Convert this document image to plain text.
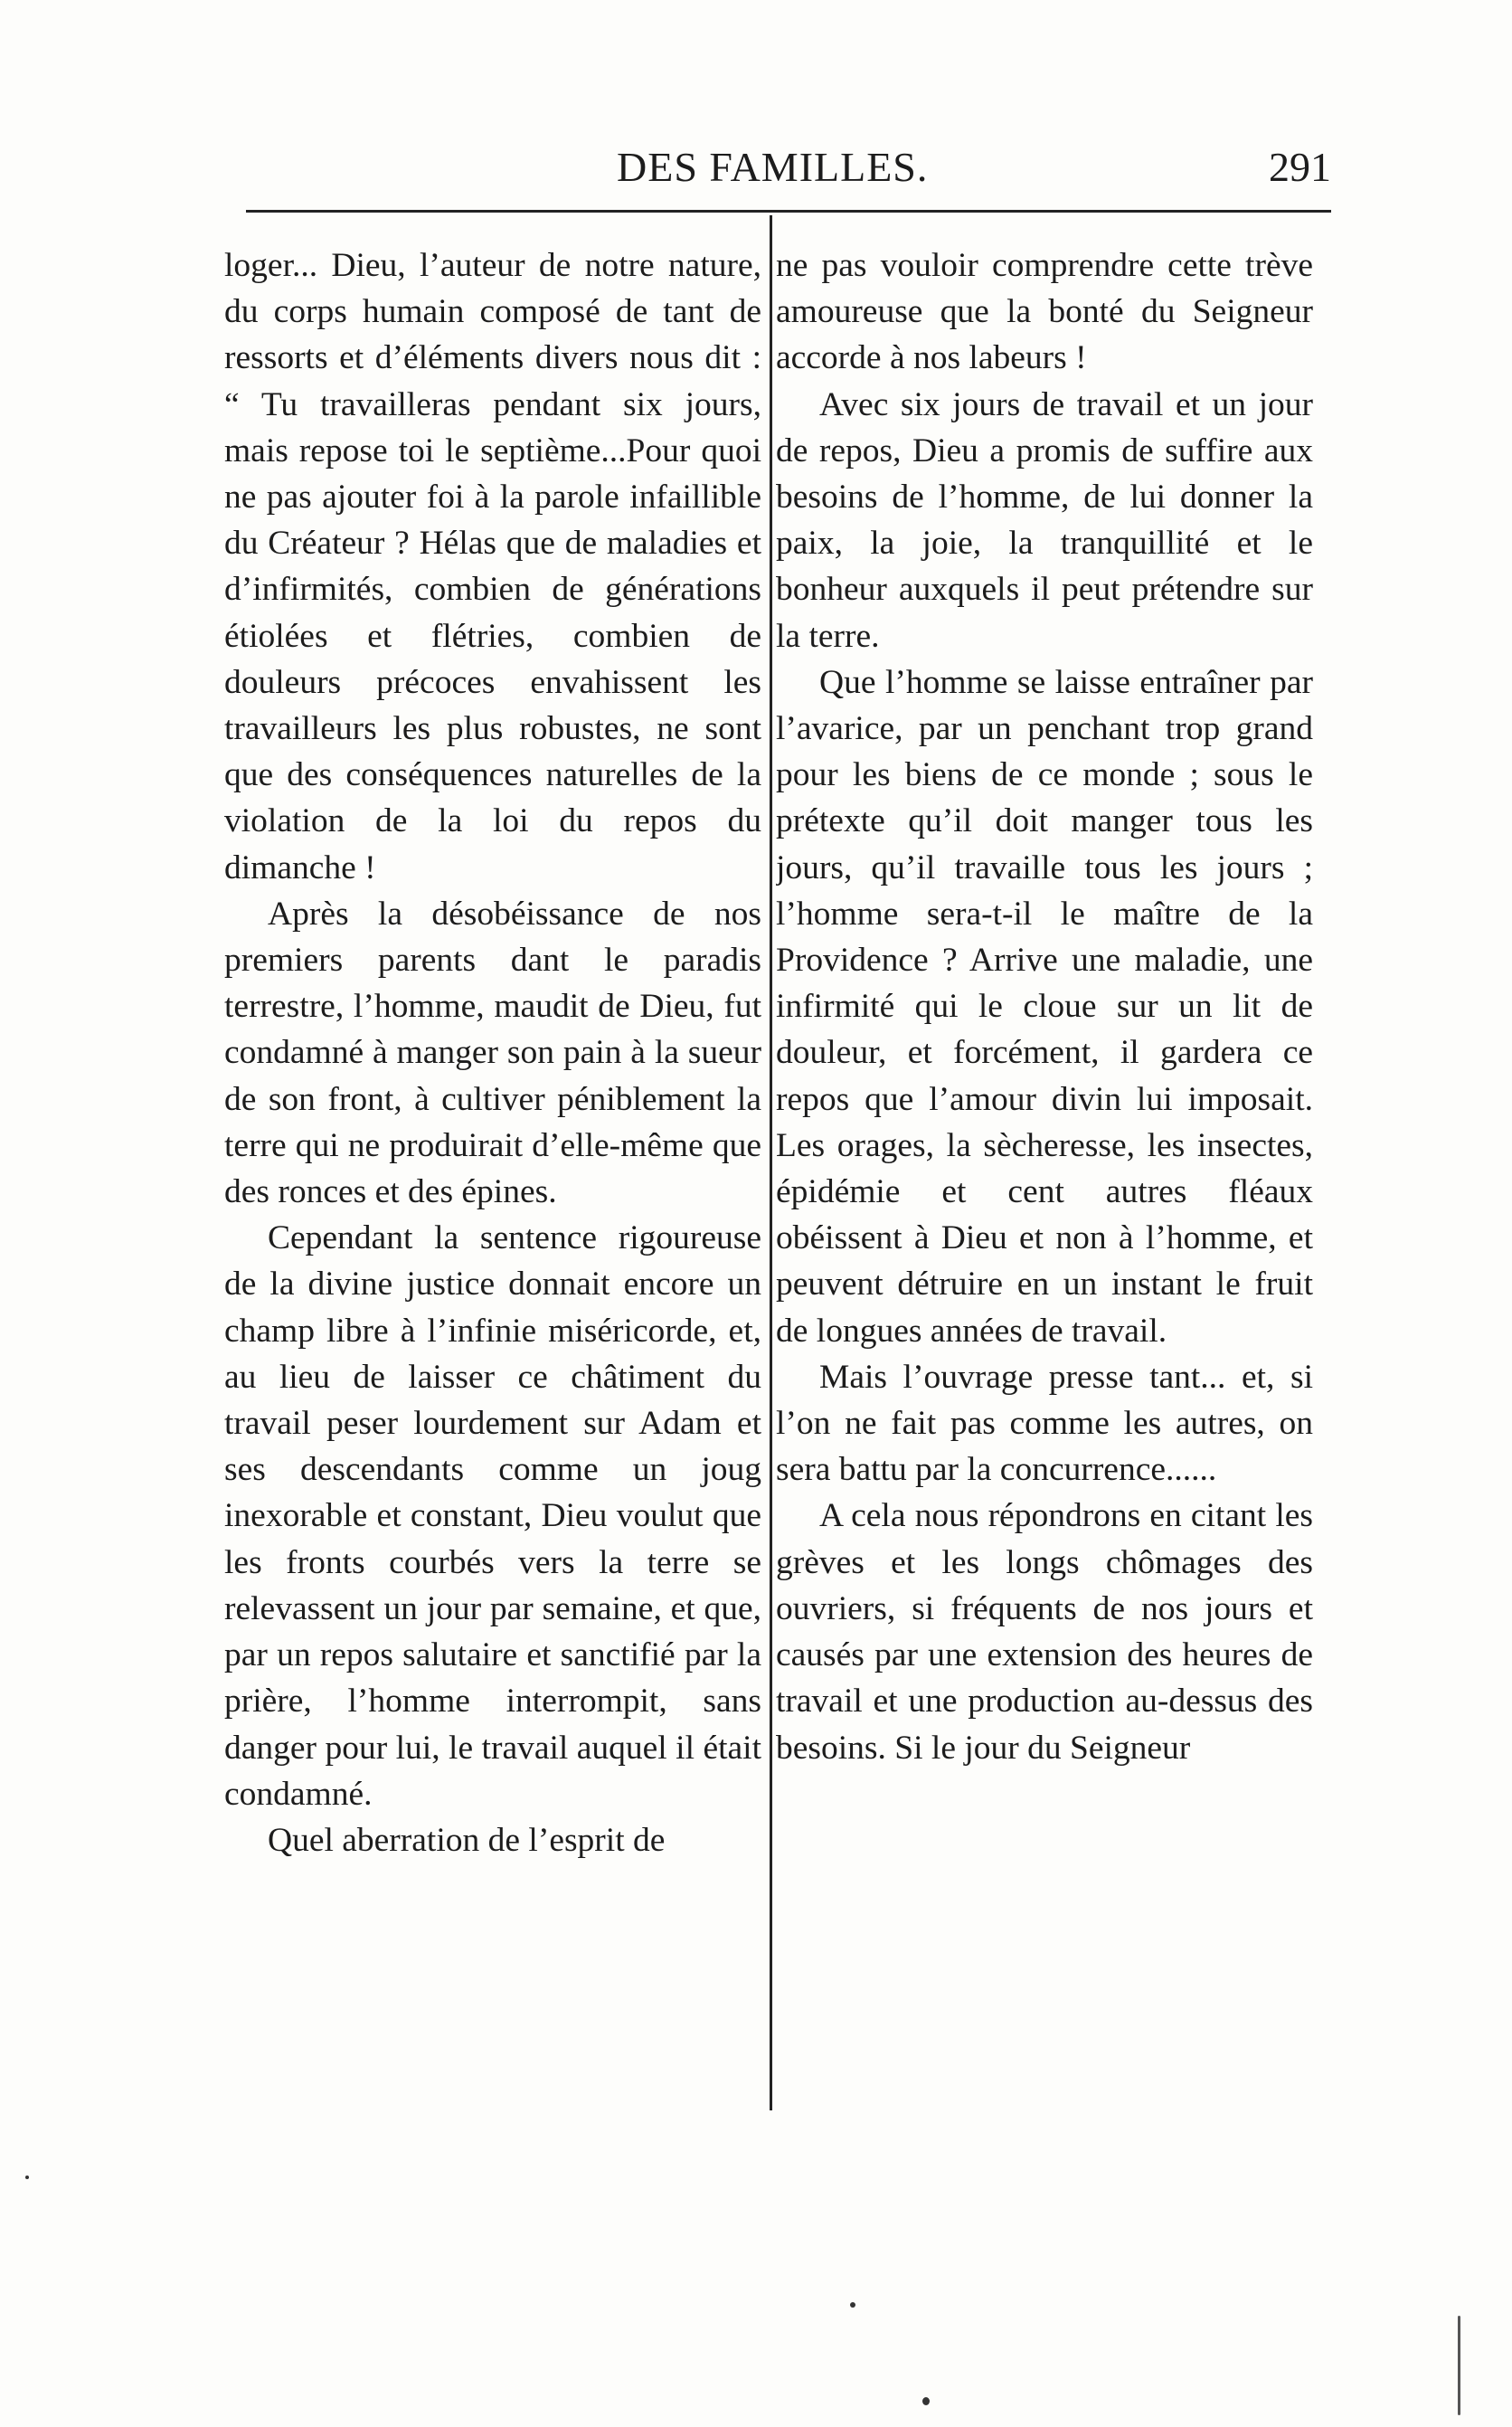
DES FAMILLES.	291

loger... Dieu, l’auteur de notre nature, du corps humain composé de tant de ressorts et d’éléments divers nous dit : “ Tu travailleras pendant six jours, mais repose toi le septième...Pour quoi ne pas ajouter foi à la parole infaillible du Créateur ? Hélas que de maladies et d’infirmités, combien de générations étiolées et flétries, combien de douleurs précoces envahissent les travailleurs les plus robustes, ne sont que des conséquences naturelles de la violation de la loi du repos du dimanche !

Après la désobéissance de nos premiers parents dant le paradis terrestre, l’homme, maudit de Dieu, fut condamné à manger son pain à la sueur de son front, à cultiver péniblement la terre qui ne produirait d’elle-même que des ronces et des épines.

Cependant la sentence rigoureuse de la divine justice donnait encore un champ libre à l’infinie miséricorde, et, au lieu de laisser ce châtiment du travail peser lourdement sur Adam et ses descendants comme un joug inexorable et constant, Dieu voulut que les fronts courbés vers la terre se relevassent un jour par semaine, et que, par un repos salutaire et sanctifié par la prière, l’homme interrompit, sans danger pour lui, le travail auquel il était condamné.

Quel aberration de l’esprit de

ne pas vouloir comprendre cette trève amoureuse que la bonté du Seigneur accorde à nos labeurs !

Avec six jours de travail et un jour de repos, Dieu a promis de suffire aux besoins de l’homme, de lui donner la paix, la joie, la tranquillité et le bonheur auxquels il peut prétendre sur la terre.

Que l’homme se laisse entraîner par l’avarice, par un penchant trop grand pour les biens de ce monde ; sous le prétexte qu’il doit manger tous les jours, qu’il travaille tous les jours ; l’homme sera-t-il le maître de la Providence ? Arrive une maladie, une infirmité qui le cloue sur un lit de douleur, et forcément, il gardera ce repos que l’amour divin lui imposait. Les orages, la sècheresse, les insectes, épidémie et cent autres fléaux obéissent à Dieu et non à l’homme, et peuvent détruire en un instant le fruit de longues années de travail.

Mais l’ouvrage presse tant... et, si l’on ne fait pas comme les autres, on sera battu par la concurrence......

A cela nous répondrons en citant les grèves et les longs chômages des ouvriers, si fréquents de nos jours et causés par une extension des heures de travail et une production au-dessus des besoins. Si le jour du Seigneur
